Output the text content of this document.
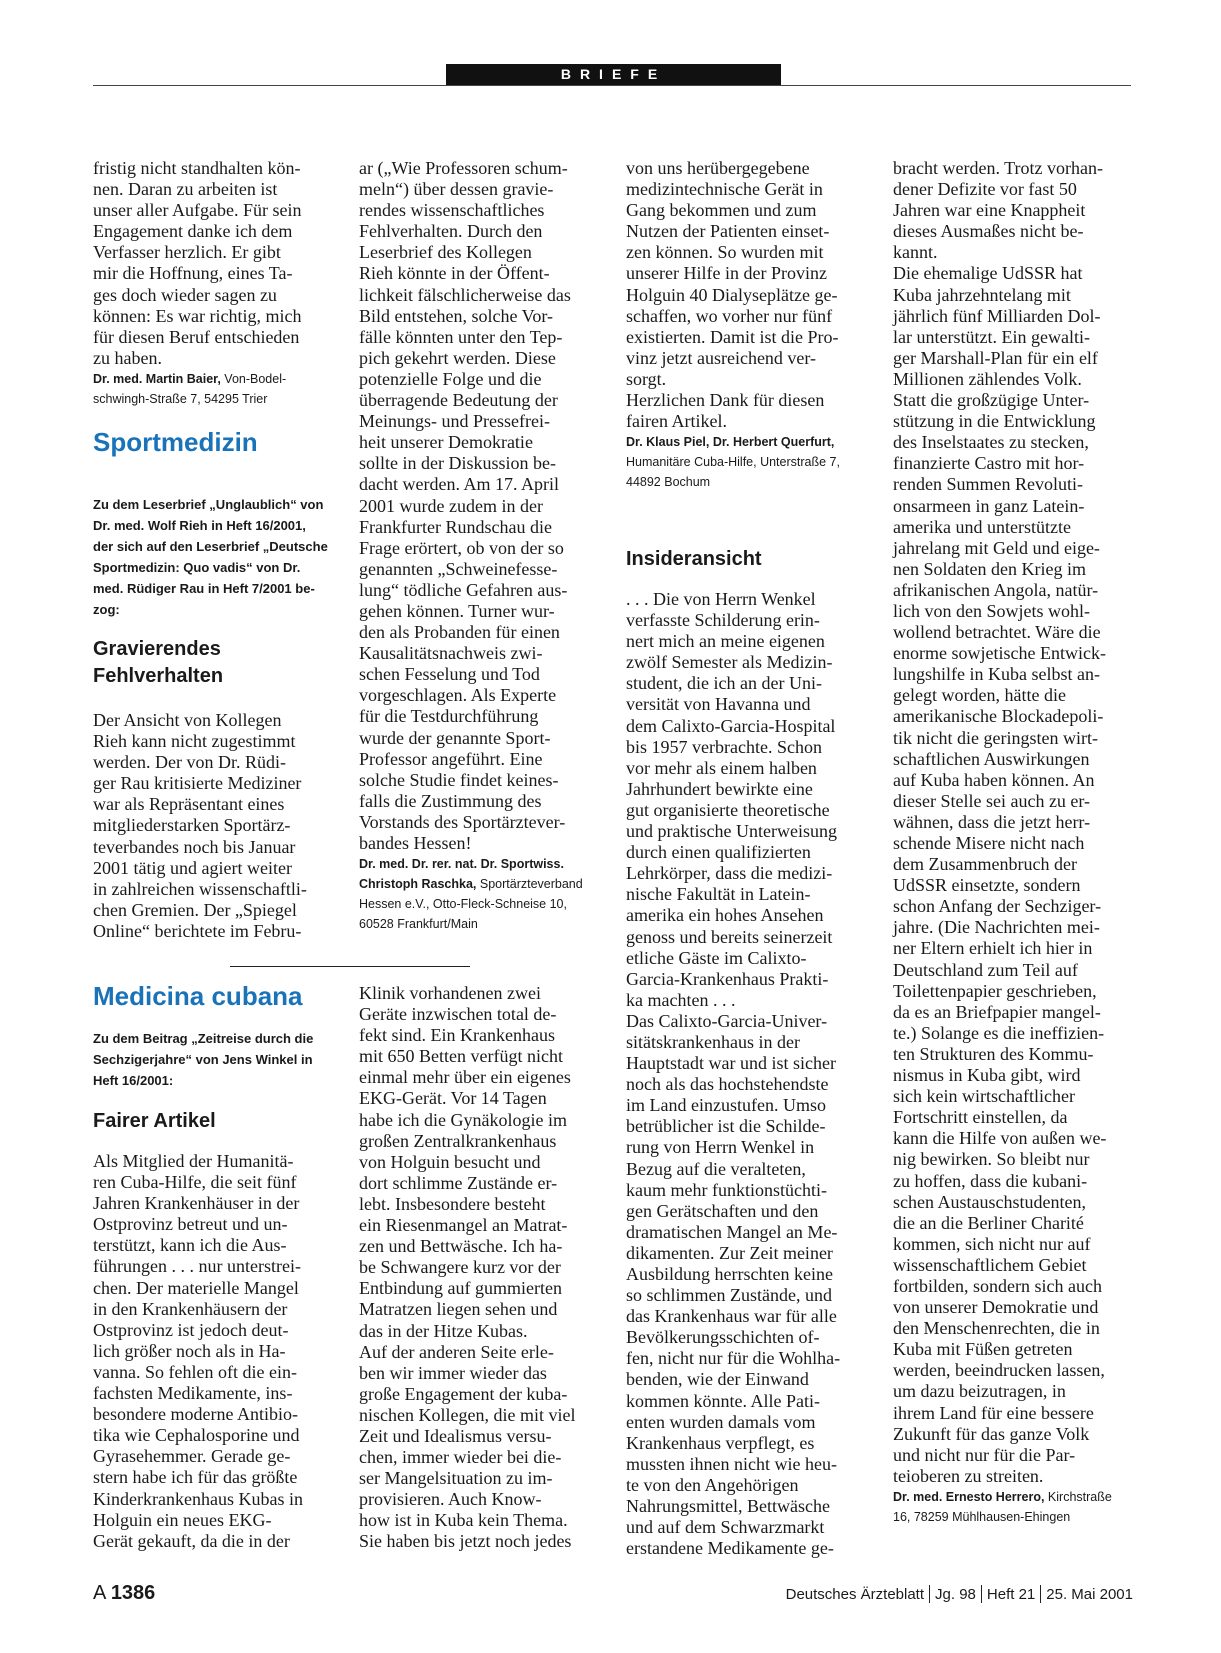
BRIEFE

fristig nicht standhalten kön-
nen. Daran zu arbeiten ist
unser aller Aufgabe. Für sein
Engagement danke ich dem
Verfasser herzlich. Er gibt
mir die Hoffnung, eines Ta-
ges doch wieder sagen zu
können: Es war richtig, mich
für diesen Beruf entschieden
zu haben.

Dr. med. Martin Baier, Von-Bodel-
schwingh-Straße 7, 54295 Trier

Sportmedizin

Zu dem Leserbrief „Unglaublich“ von
Dr. med. Wolf Rieh in Heft 16/2001,
der sich auf den Leserbrief „Deutsche
Sportmedizin: Quo vadis“ von Dr.
med. Rüdiger Rau in Heft 7/2001 be-
zog:

Gravierendes
Fehlverhalten

Der Ansicht von Kollegen
Rieh kann nicht zugestimmt
werden. Der von Dr. Rüdi-
ger Rau kritisierte Mediziner
war als Repräsentant eines
mitgliederstarken Sportärz-
teverbandes noch bis Januar
2001 tätig und agiert weiter
in zahlreichen wissenschaftli-
chen Gremien. Der „Spiegel
Online“ berichtete im Febru-

ar („Wie Professoren schum-
meln“) über dessen gravie-
rendes wissenschaftliches
Fehlverhalten. Durch den
Leserbrief des Kollegen
Rieh könnte in der Öffent-
lichkeit fälschlicherweise das
Bild entstehen, solche Vor-
fälle könnten unter den Tep-
pich gekehrt werden. Diese
potenzielle Folge und die
überragende Bedeutung der
Meinungs- und Pressefrei-
heit unserer Demokratie
sollte in der Diskussion be-
dacht werden. Am 17. April
2001 wurde zudem in der
Frankfurter Rundschau die
Frage erörtert, ob von der so
genannten „Schweinefesse-
lung“ tödliche Gefahren aus-
gehen können. Turner wur-
den als Probanden für einen
Kausalitätsnachweis zwi-
schen Fesselung und Tod
vorgeschlagen. Als Experte
für die Testdurchführung
wurde der genannte Sport-
Professor angeführt. Eine
solche Studie findet keines-
falls die Zustimmung des
Vorstands des Sportärztever-
bandes Hessen!

Dr. med. Dr. rer. nat. Dr. Sportwiss.
Christoph Raschka, Sportärzteverband
Hessen e.V., Otto-Fleck-Schneise 10,
60528 Frankfurt/Main

Medicina cubana

Zu dem Beitrag „Zeitreise durch die
Sechzigerjahre“ von Jens Winkel in
Heft 16/2001:

Fairer Artikel

Als Mitglied der Humanitä-
ren Cuba-Hilfe, die seit fünf
Jahren Krankenhäuser in der
Ostprovinz betreut und un-
terstützt, kann ich die Aus-
führungen . . . nur unterstrei-
chen. Der materielle Mangel
in den Krankenhäusern der
Ostprovinz ist jedoch deut-
lich größer noch als in Ha-
vanna. So fehlen oft die ein-
fachsten Medikamente, ins-
besondere moderne Antibio-
tika wie Cephalosporine und
Gyrasehemmer. Gerade ge-
stern habe ich für das größte
Kinderkrankenhaus Kubas in
Holguin ein neues EKG-
Gerät gekauft, da die in der

Klinik vorhandenen zwei
Geräte inzwischen total de-
fekt sind. Ein Krankenhaus
mit 650 Betten verfügt nicht
einmal mehr über ein eigenes
EKG-Gerät. Vor 14 Tagen
habe ich die Gynäkologie im
großen Zentralkrankenhaus
von Holguin besucht und
dort schlimme Zustände er-
lebt. Insbesondere besteht
ein Riesenmangel an Matrat-
zen und Bettwäsche. Ich ha-
be Schwangere kurz vor der
Entbindung auf gummierten
Matratzen liegen sehen und
das in der Hitze Kubas.
Auf der anderen Seite erle-
ben wir immer wieder das
große Engagement der kuba-
nischen Kollegen, die mit viel
Zeit und Idealismus versu-
chen, immer wieder bei die-
ser Mangelsituation zu im-
provisieren. Auch Know-
how ist in Kuba kein Thema.
Sie haben bis jetzt noch jedes

von uns herübergegebene
medizintechnische Gerät in
Gang bekommen und zum
Nutzen der Patienten einset-
zen können. So wurden mit
unserer Hilfe in der Provinz
Holguin 40 Dialyseplätze ge-
schaffen, wo vorher nur fünf
existierten. Damit ist die Pro-
vinz jetzt ausreichend ver-
sorgt.
Herzlichen Dank für diesen
fairen Artikel.

Dr. Klaus Piel, Dr. Herbert Querfurt,
Humanitäre Cuba-Hilfe, Unterstraße 7,
44892 Bochum

Insideransicht

. . . Die von Herrn Wenkel
verfasste Schilderung erin-
nert mich an meine eigenen
zwölf Semester als Medizin-
student, die ich an der Uni-
versität von Havanna und
dem Calixto-Garcia-Hospital
bis 1957 verbrachte. Schon
vor mehr als einem halben
Jahrhundert bewirkte eine
gut organisierte theoretische
und praktische Unterweisung
durch einen qualifizierten
Lehrkörper, dass die medizi-
nische Fakultät in Latein-
amerika ein hohes Ansehen
genoss und bereits seinerzeit
etliche Gäste im Calixto-
Garcia-Krankenhaus Prakti-
ka machten . . .
Das Calixto-Garcia-Univer-
sitätskrankenhaus in der
Hauptstadt war und ist sicher
noch als das hochstehendste
im Land einzustufen. Umso
betrüblicher ist die Schilde-
rung von Herrn Wenkel in
Bezug auf die veralteten,
kaum mehr funktionstüchti-
gen Gerätschaften und den
dramatischen Mangel an Me-
dikamenten. Zur Zeit meiner
Ausbildung herrschten keine
so schlimmen Zustände, und
das Krankenhaus war für alle
Bevölkerungsschichten of-
fen, nicht nur für die Wohlha-
benden, wie der Einwand
kommen könnte. Alle Pati-
enten wurden damals vom
Krankenhaus verpflegt, es
mussten ihnen nicht wie heu-
te von den Angehörigen
Nahrungsmittel, Bettwäsche
und auf dem Schwarzmarkt
erstandene Medikamente ge-

bracht werden. Trotz vorhan-
dener Defizite vor fast 50
Jahren war eine Knappheit
dieses Ausmaßes nicht be-
kannt.
Die ehemalige UdSSR hat
Kuba jahrzehntelang mit
jährlich fünf Milliarden Dol-
lar unterstützt. Ein gewalti-
ger Marshall-Plan für ein elf
Millionen zählendes Volk.
Statt die großzügige Unter-
stützung in die Entwicklung
des Inselstaates zu stecken,
finanzierte Castro mit hor-
renden Summen Revoluti-
onsarmeen in ganz Latein-
amerika und unterstützte
jahrelang mit Geld und eige-
nen Soldaten den Krieg im
afrikanischen Angola, natür-
lich von den Sowjets wohl-
wollend betrachtet. Wäre die
enorme sowjetische Entwick-
lungshilfe in Kuba selbst an-
gelegt worden, hätte die
amerikanische Blockadepoli-
tik nicht die geringsten wirt-
schaftlichen Auswirkungen
auf Kuba haben können. An
dieser Stelle sei auch zu er-
wähnen, dass die jetzt herr-
schende Misere nicht nach
dem Zusammenbruch der
UdSSR einsetzte, sondern
schon Anfang der Sechziger-
jahre. (Die Nachrichten mei-
ner Eltern erhielt ich hier in
Deutschland zum Teil auf
Toilettenpapier geschrieben,
da es an Briefpapier mangel-
te.) Solange es die ineffizien-
ten Strukturen des Kommu-
nismus in Kuba gibt, wird
sich kein wirtschaftlicher
Fortschritt einstellen, da
kann die Hilfe von außen we-
nig bewirken. So bleibt nur
zu hoffen, dass die kubani-
schen Austauschstudenten,
die an die Berliner Charité
kommen, sich nicht nur auf
wissenschaftlichem Gebiet
fortbilden, sondern sich auch
von unserer Demokratie und
den Menschenrechten, die in
Kuba mit Füßen getreten
werden, beeindrucken lassen,
um dazu beizutragen, in
ihrem Land für eine bessere
Zukunft für das ganze Volk
und nicht nur für die Par-
teioberen zu streiten.

Dr. med. Ernesto Herrero, Kirchstraße
16, 78259 Mühlhausen-Ehingen

A 1386	Deutsches Ärzteblatt Jg. 98 Heft 21 25. Mai 2001
